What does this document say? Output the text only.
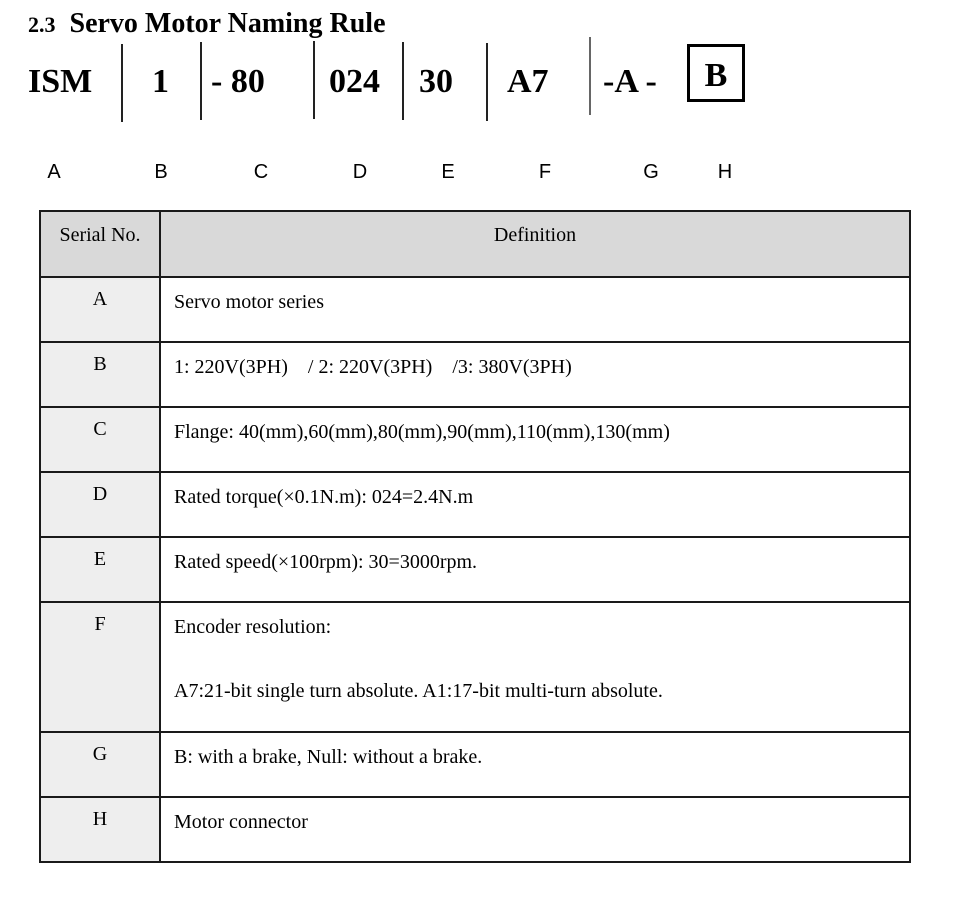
2.3 Servo Motor Naming Rule
ISM 1 - 80 024 30 A7 -A - B
A	B	C	D	E	F	G	H
Serial No.	Definition

A	Servo motor series

B	1: 220V(3PH)    / 2: 220V(3PH)    /3: 380V(3PH)

C	Flange: 40(mm),60(mm),80(mm),90(mm),110(mm),130(mm)

D	Rated torque(×0.1N.m): 024=2.4N.m

E	Rated speed(×100rpm): 30=3000rpm.

F	Encoder resolution:
A7:21-bit single turn absolute. A1:17-bit multi-turn absolute.

G	B: with a brake, Null: without a brake.

H	Motor connector
